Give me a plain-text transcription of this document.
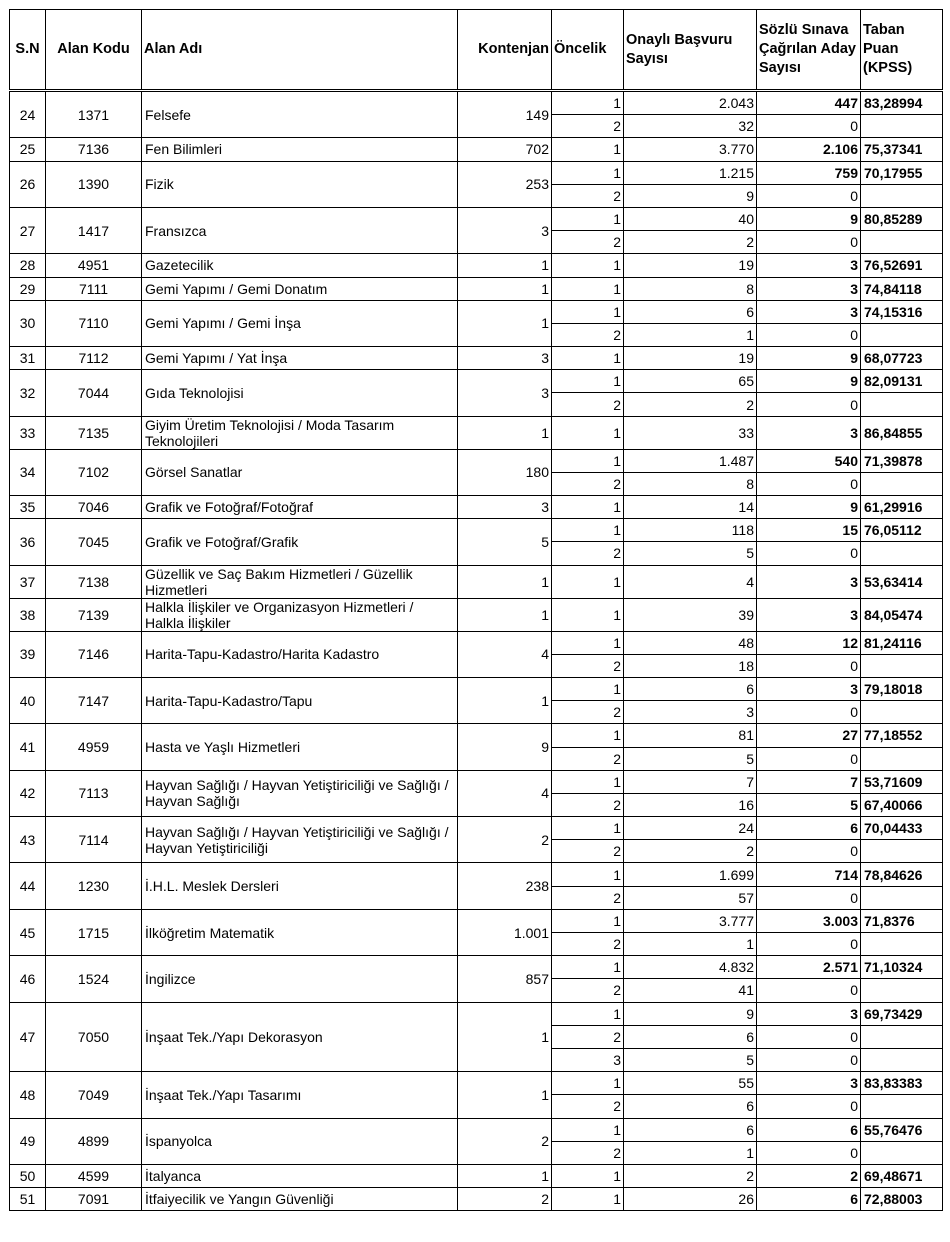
S.N	Alan Kodu	Alan Adı	Kontenjan	Öncelik	Onaylı Başvuru Sayısı	Sözlü Sınava Çağrılan Aday Sayısı	Taban Puan (KPSS)
24	1371	Felsefe	149	1	2.043	447	83,28994
				2	32	0	
25	7136	Fen Bilimleri	702	1	3.770	2.106	75,37341
26	1390	Fizik	253	1	1.215	759	70,17955
				2	9	0	
27	1417	Fransızca	3	1	40	9	80,85289
				2	2	0	
28	4951	Gazetecilik	1	1	19	3	76,52691
29	7111	Gemi Yapımı / Gemi Donatım	1	1	8	3	74,84118
30	7110	Gemi Yapımı / Gemi İnşa	1	1	6	3	74,15316
				2	1	0	
31	7112	Gemi Yapımı / Yat İnşa	3	1	19	9	68,07723
32	7044	Gıda Teknolojisi	3	1	65	9	82,09131
				2	2	0	
33	7135	Giyim Üretim Teknolojisi / Moda Tasarım Teknolojileri	1	1	33	3	86,84855
34	7102	Görsel Sanatlar	180	1	1.487	540	71,39878
				2	8	0	
35	7046	Grafik ve Fotoğraf/Fotoğraf	3	1	14	9	61,29916
36	7045	Grafik ve Fotoğraf/Grafik	5	1	118	15	76,05112
				2	5	0	
37	7138	Güzellik ve Saç Bakım Hizmetleri / Güzellik Hizmetleri	1	1	4	3	53,63414
38	7139	Halkla İlişkiler ve Organizasyon Hizmetleri / Halkla İlişkiler	1	1	39	3	84,05474
39	7146	Harita-Tapu-Kadastro/Harita Kadastro	4	1	48	12	81,24116
				2	18	0	
40	7147	Harita-Tapu-Kadastro/Tapu	1	1	6	3	79,18018
				2	3	0	
41	4959	Hasta ve Yaşlı Hizmetleri	9	1	81	27	77,18552
				2	5	0	
42	7113	Hayvan Sağlığı / Hayvan Yetiştiriciliği ve Sağlığı / Hayvan Sağlığı	4	1	7	7	53,71609
				2	16	5	67,40066
43	7114	Hayvan Sağlığı / Hayvan Yetiştiriciliği ve Sağlığı / Hayvan Yetiştiriciliği	2	1	24	6	70,04433
				2	2	0	
44	1230	İ.H.L. Meslek Dersleri	238	1	1.699	714	78,84626
				2	57	0	
45	1715	İlköğretim Matematik	1.001	1	3.777	3.003	71,8376
				2	1	0	
46	1524	İngilizce	857	1	4.832	2.571	71,10324
				2	41	0	
47	7050	İnşaat Tek./Yapı Dekorasyon	1	1	9	3	69,73429
				2	6	0	
				3	5	0	
48	7049	İnşaat Tek./Yapı Tasarımı	1	1	55	3	83,83383
				2	6	0	
49	4899	İspanyolca	2	1	6	6	55,76476
				2	1	0	
50	4599	İtalyanca	1	1	2	2	69,48671
51	7091	İtfaiyecilik ve Yangın Güvenliği	2	1	26	6	72,88003
